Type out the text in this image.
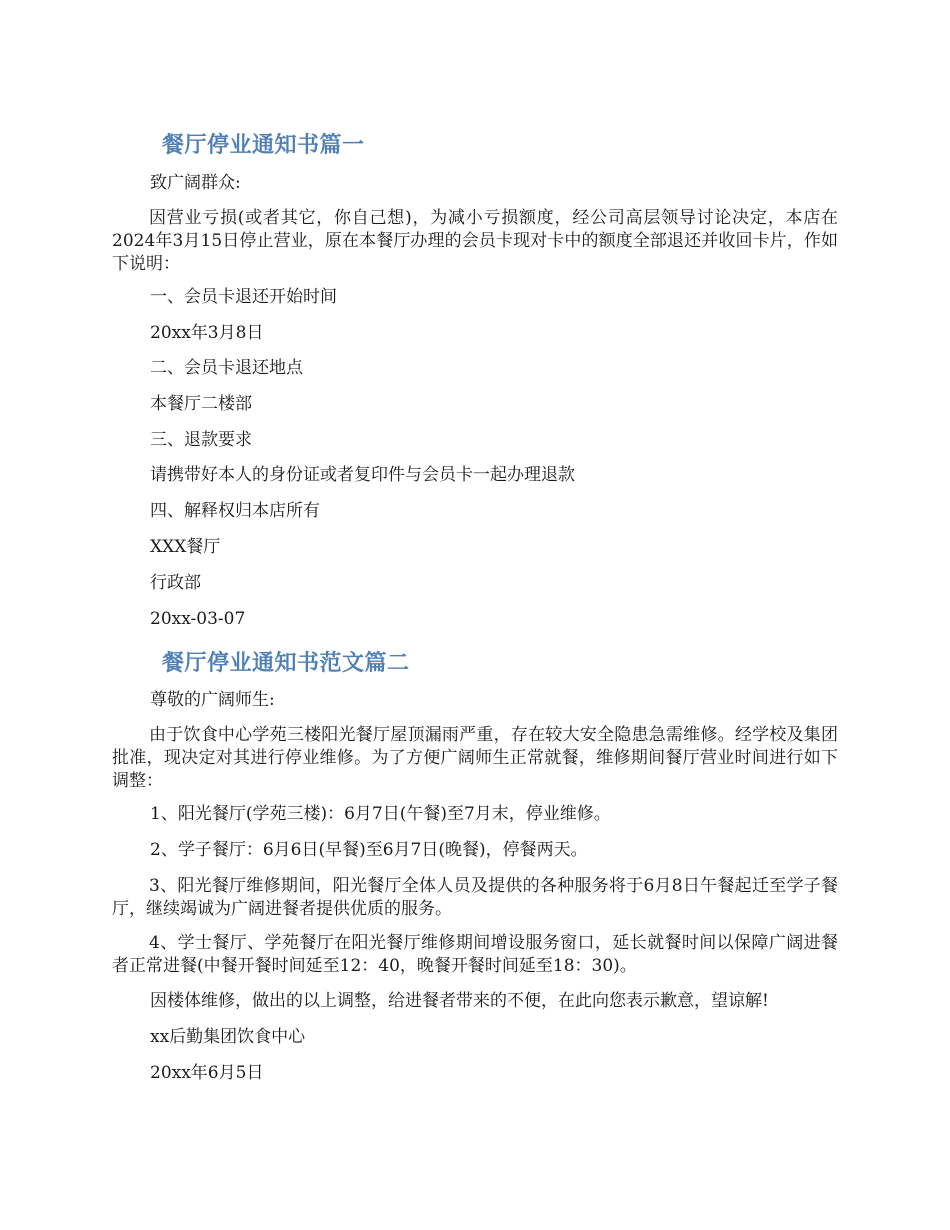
餐厅停业通知书篇一
致广阔群众:
因营业亏损(或者其它，你自己想)，为减小亏损额度，经公司高层领导讨论决定，本店在2024年3月15日停止营业，原在本餐厅办理的会员卡现对卡中的额度全部退还并收回卡片，作如下说明：
一、会员卡退还开始时间
20xx年3月8日
二、会员卡退还地点
本餐厅二楼部
三、退款要求
请携带好本人的身份证或者复印件与会员卡一起办理退款
四、解释权归本店所有
XXX餐厅
行政部
20xx-03-07
餐厅停业通知书范文篇二
尊敬的广阔师生:
由于饮食中心学苑三楼阳光餐厅屋顶漏雨严重，存在较大安全隐患急需维修。经学校及集团批准，现决定对其进行停业维修。为了方便广阔师生正常就餐，维修期间餐厅营业时间进行如下调整：
1、阳光餐厅(学苑三楼)：6月7日(午餐)至7月末，停业维修。
2、学子餐厅：6月6日(早餐)至6月7日(晚餐)，停餐两天。
3、阳光餐厅维修期间，阳光餐厅全体人员及提供的各种服务将于6月8日午餐起迁至学子餐厅，继续竭诚为广阔进餐者提供优质的服务。
4、学士餐厅、学苑餐厅在阳光餐厅维修期间增设服务窗口，延长就餐时间以保障广阔进餐者正常进餐(中餐开餐时间延至12：40，晚餐开餐时间延至18：30)。
因楼体维修，做出的以上调整，给进餐者带来的不便，在此向您表示歉意，望谅解!
xx后勤集团饮食中心
20xx年6月5日
